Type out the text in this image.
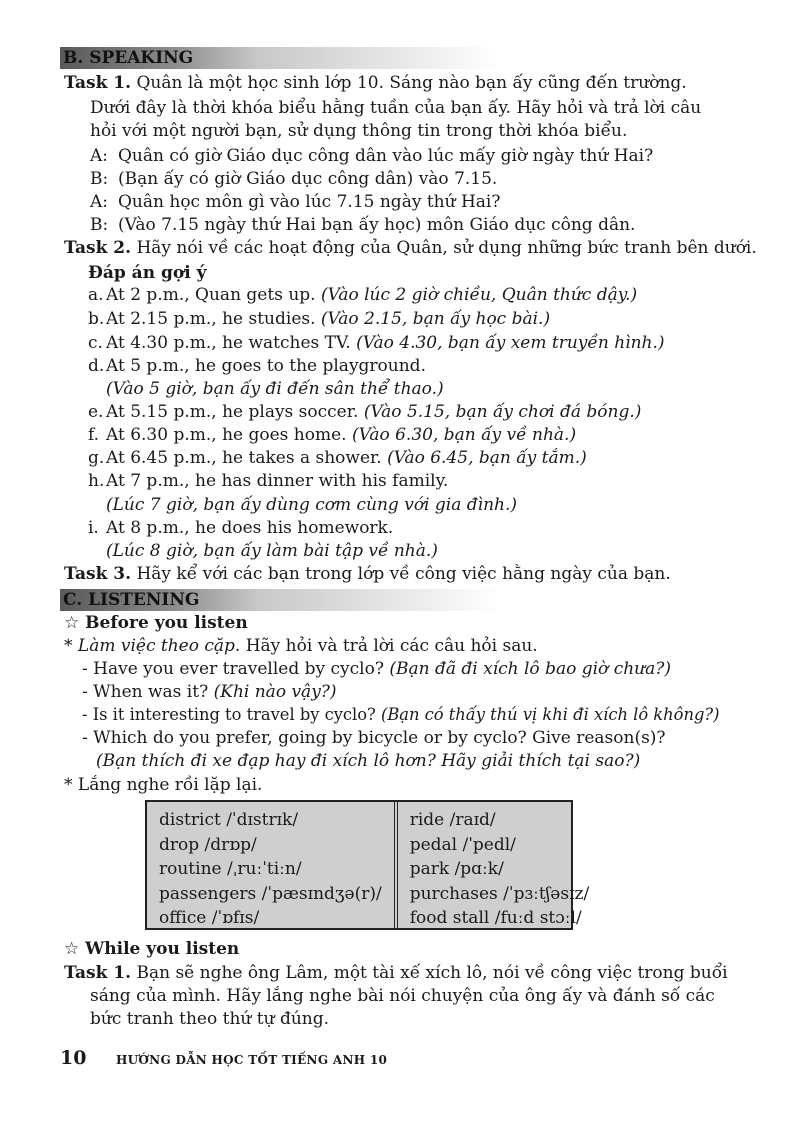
B. SPEAKING
Task 1. Quân là một học sinh lớp 10. Sáng nào bạn ấy cũng đến trường.
Dưới đây là thời khóa biểu hằng tuần của bạn ấy. Hãy hỏi và trả lời câu
hỏi với một người bạn, sử dụng thông tin trong thời khóa biểu.
A: Quân có giờ Giáo dục công dân vào lúc mấy giờ ngày thứ Hai?
B: (Bạn ấy có giờ Giáo dục công dân) vào 7.15.
A: Quân học môn gì vào lúc 7.15 ngày thứ Hai?
B: (Vào 7.15 ngày thứ Hai bạn ấy học) môn Giáo dục công dân.
Task 2. Hãy nói về các hoạt động của Quân, sử dụng những bức tranh bên dưới.
Đáp án gợi ý
a. At 2 p.m., Quan gets up. (Vào lúc 2 giờ chiều, Quân thức dậy.)
b. At 2.15 p.m., he studies. (Vào 2.15, bạn ấy học bài.)
c. At 4.30 p.m., he watches TV. (Vào 4.30, bạn ấy xem truyền hình.)
d. At 5 p.m., he goes to the playground.
(Vào 5 giờ, bạn ấy đi đến sân thể thao.)
e. At 5.15 p.m., he plays soccer. (Vào 5.15, bạn ấy chơi đá bóng.)
f. At 6.30 p.m., he goes home. (Vào 6.30, bạn ấy về nhà.)
g. At 6.45 p.m., he takes a shower. (Vào 6.45, bạn ấy tắm.)
h.At 7 p.m., he has dinner with his family.
(Lúc 7 giờ, bạn ấy dùng cơm cùng với gia đình.)
i. At 8 p.m., he does his homework.
(Lúc 8 giờ, bạn ấy làm bài tập về nhà.)
Task 3. Hãy kể với các bạn trong lớp về công việc hằng ngày của bạn.
C. LISTENING
☆ Before you listen
* Làm việc theo cặp. Hãy hỏi và trả lời các câu hỏi sau.
- Have you ever travelled by cyclo? (Bạn đã đi xích lô bao giờ chưa?)
- When was it? (Khi nào vậy?)
- Is it interesting to travel by cyclo? (Bạn có thấy thú vị khi đi xích lô không?)
- Which do you prefer, going by bicycle or by cyclo? Give reason(s)?
(Bạn thích đi xe đạp hay đi xích lô hơn? Hãy giải thích tại sao?)
* Lắng nghe rồi lặp lại.
district /ˈdɪstrɪk/
drop /drɒp/
routine /ˌruːˈtiːn/
passengers /ˈpæsɪndʒə(r)/
office /ˈɒfɪs/
ride /raɪd/
pedal /ˈpedl/
park /pɑːk/
purchases /ˈpɜːtʃəsɪz/
food stall /fuːd stɔːl/
☆ While you listen
Task 1. Bạn sẽ nghe ông Lâm, một tài xế xích lô, nói về công việc trong buổi
sáng của mình. Hãy lắng nghe bài nói chuyện của ông ấy và đánh số các
bức tranh theo thứ tự đúng.
10 HƯỚNG DẪN HỌC TỐT TIẾNG ANH 10
